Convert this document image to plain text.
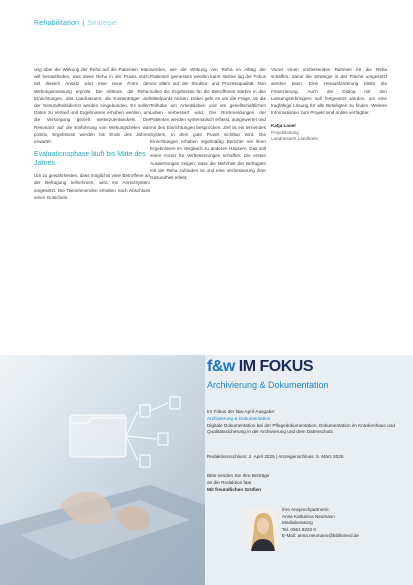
Rehabilitation | Strategie

ung über die Wirkung der Reha auf die Patienten. Man will herausfinden, was diese Reha in der Praxis nützt. Mit diesem Ansatz wird eine neue Form der Wirkungsmessung erprobt. Die Akteure, die Reha-Einrichtungen, das Landratsamt, die Kostenträger und der Gesundheitsdienst werden eingebunden. Es sollen Daten zu Verlauf und Ergebnissen erhoben werden, um die Versorgung gezielt weiterzuentwickeln. Die Resonanz auf die Einführung von Wirkungszielen war positiv, Ergebnisse werden bis Ende des Jahres erwartet.

Evaluationsphase läuft bis Mitte des Jahres

Um zu gewährleisten, dass möglichst viele Betroffene an der Befragung teilnehmen, wird ein Anreizsystem eingesetzt. Die Teilnehmenden erhalten nach Abschluss einen Gutschein.

werden, wie die Wirkung von Reha im Alltag der Patienten gemessen werden kann. Bisher lag der Fokus vor allem auf der Struktur- und Prozessqualität. Nun sollen die Ergebnisse für die Betroffenen stärker in den Mittelpunkt rücken. Dabei geht es um die Frage, ob die Teilhabe am Arbeitsleben und am gesellschaftlichen Leben verbessert wird. Die Rückmeldungen der Patienten werden systematisch erfasst, ausgewertet und mit den Einrichtungen besprochen. Ziel ist ein lernendes System, in dem gute Praxis sichtbar wird. Die Einrichtungen erhalten regelmäßig Berichte mit ihren Ergebnissen im Vergleich zu anderen Häusern. Das soll einen Anreiz für Verbesserungen schaffen. Die ersten Auswertungen zeigen, dass die Mehrheit der Befragten mit der Reha zufrieden ist und eine Verbesserung ihrer Gesundheit erlebt.

Vorort einen umfassenden Rahmen für die Reha schaffen, damit die Strategie in der Fläche umgesetzt werden kann. Eine Herausforderung bleibt die Finanzierung. Auch der Dialog mit den Leistungserbringern soll fortgesetzt werden, um eine tragfähige Lösung für alle Beteiligten zu finden. Weitere Informationen zum Projekt sind online verfügbar.

Katja Lauer
Projektleitung
Landratsamt Landkreis
f&w IM FOKUS
Archivierung & Dokumentation
Im Fokus der f&w April-Ausgabe:
Archivierung & Dokumentation
Digitale Dokumentation bei der Pflegedokumentation, Dokumentation im Krankenhaus und Qualitätssicherung in der Archivierung und dem Datenschutz.
Redaktionsschluss: 2. April 2025 | Anzeigenschluss: 5. März 2025
Bitte senden Sie Ihre Beiträge
an die Redaktion f&w
Mit freundlichen Grüßen
Ihre Ansprechpartnerin:
Anna Katharina Neumann
Mediaberatung
Tel. 0561 9232 0
E-Mail: anna.neumann@bibliomed.de
